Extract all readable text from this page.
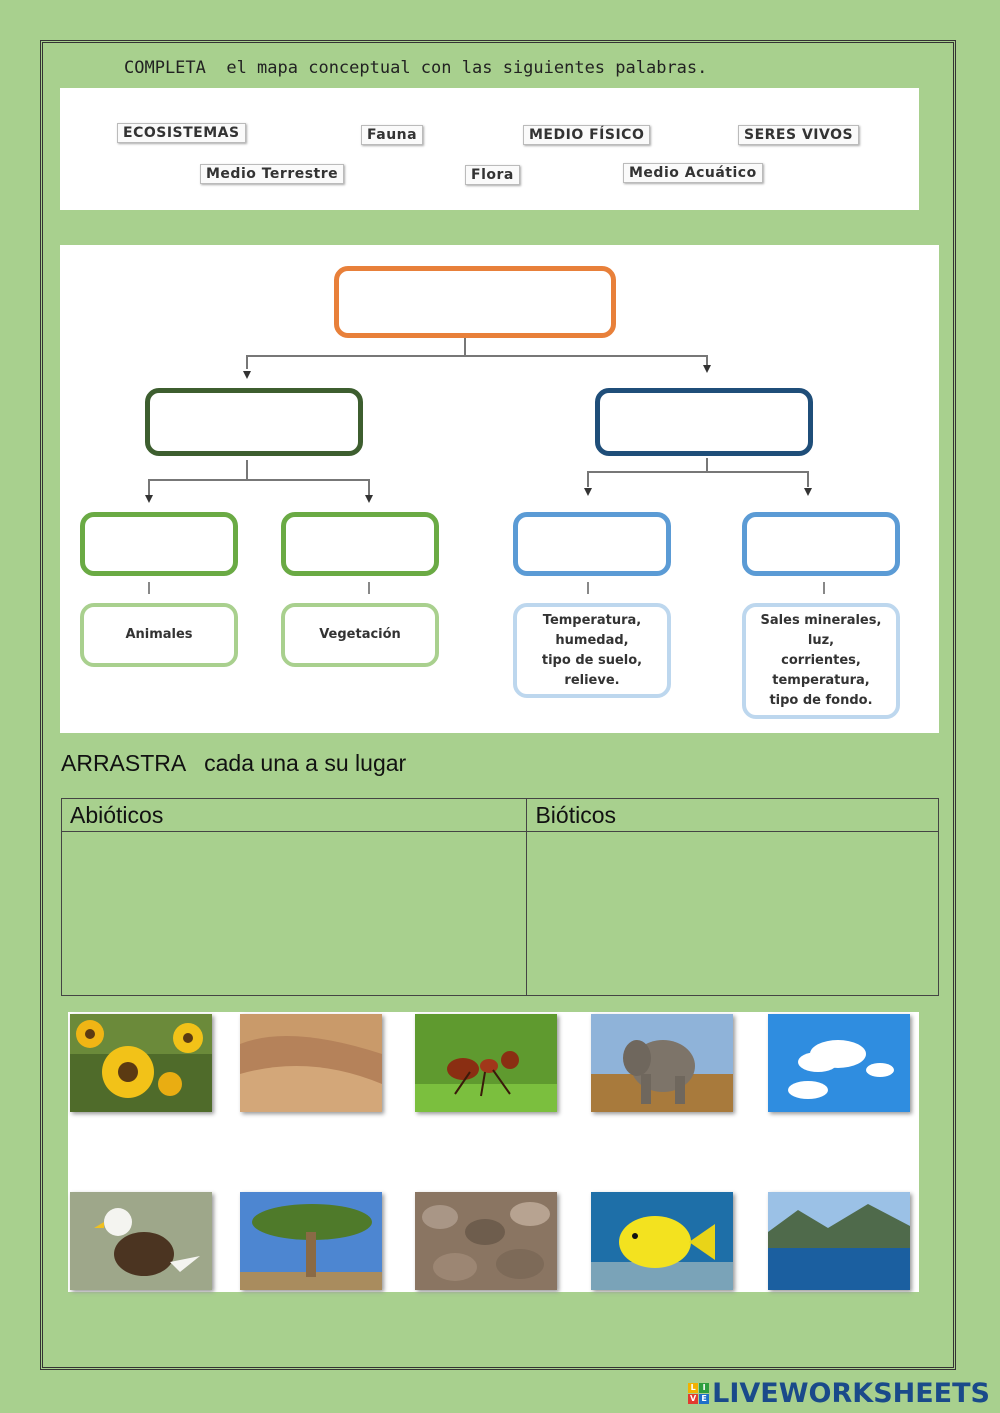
COMPLETA  el mapa conceptual con las siguientes palabras.
ECOSISTEMAS	Fauna	MEDIO FÍSICO	SERES VIVOS
Medio Terrestre	Flora	Medio Acuático
Animales	Vegetación
Temperatura,
humedad,
tipo de suelo,
relieve.
Sales minerales,
luz,
corrientes,
temperatura,
tipo de fondo.
ARRASTRA   cada una a su lugar
Abióticos	Bióticos

L I
V E LIVEWORKSHEETS
